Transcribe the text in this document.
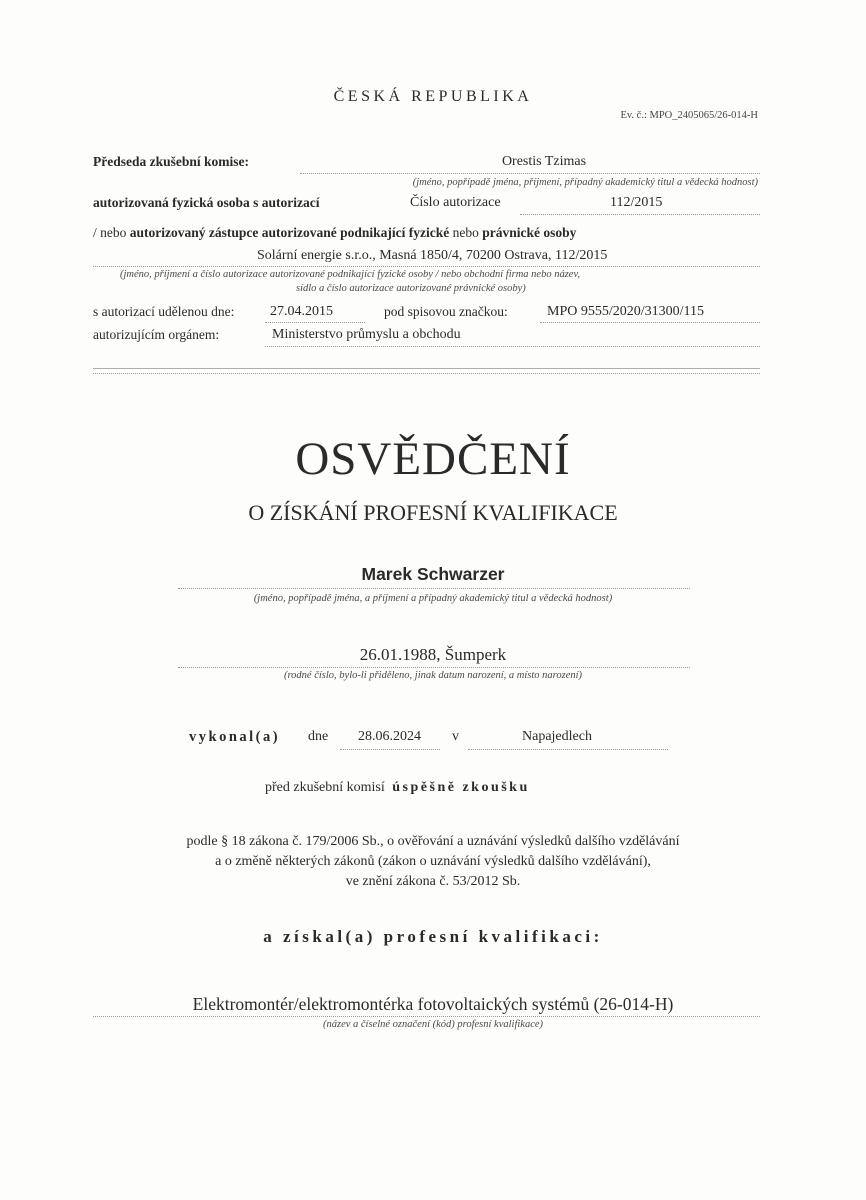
ČESKÁ REPUBLIKA
Ev. č.: MPO_2405065/26-014-H
Předseda zkušební komise:	Orestis Tzimas
(jméno, popřípadě jména, příjmení, případný akademický titul a vědecká hodnost)
autorizovaná fyzická osoba s autorizací	Číslo autorizace	112/2015
/ nebo autorizovaný zástupce autorizované podnikající fyzické nebo právnické osoby
Solární energie s.r.o., Masná 1850/4, 70200 Ostrava, 112/2015
(jméno, příjmení a číslo autorizace autorizované podnikající fyzické osoby / nebo obchodní firma nebo název,
sídlo a číslo autorizace autorizované právnické osoby)
s autorizací udělenou dne:	27.04.2015	pod spisovou značkou:	MPO 9555/2020/31300/115
autorizujícím orgánem:	Ministerstvo průmyslu a obchodu
OSVĚDČENÍ
O ZÍSKÁNÍ PROFESNÍ KVALIFIKACE
Marek Schwarzer
(jméno, popřípadě jména, a příjmení a případný akademický titul a vědecká hodnost)
26.01.1988, Šumperk
(rodné číslo, bylo-li přiděleno, jinak datum narození, a místo narození)
vykonal(a) dne 28.06.2024 v	Napajedlech
před zkušební komisí úspěšně zkoušku
podle § 18 zákona č. 179/2006 Sb., o ověřování a uznávání výsledků dalšího vzdělávání
a o změně některých zákonů (zákon o uznávání výsledků dalšího vzdělávání),
ve znění zákona č. 53/2012 Sb.
a získal(a) profesní kvalifikaci:
Elektromontér/elektromontérka fotovoltaických systémů (26-014-H)
(název a číselné označení (kód) profesní kvalifikace)
